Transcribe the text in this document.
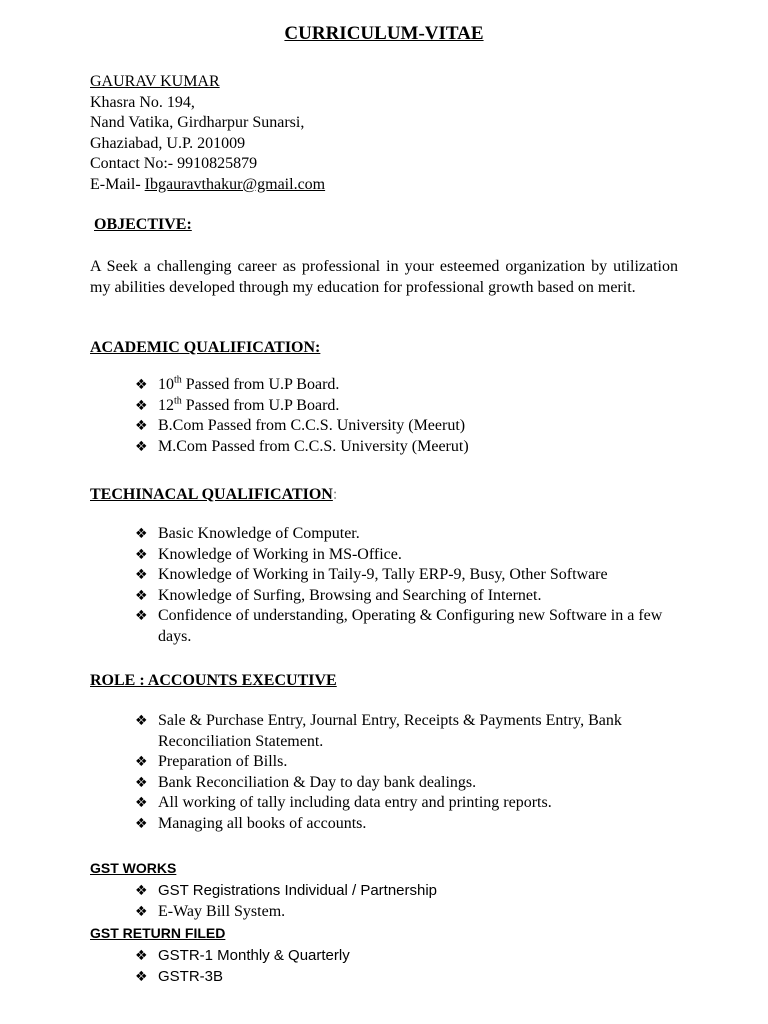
CURRICULUM-VITAE
GAURAV KUMAR
Khasra No. 194,
Nand Vatika, Girdharpur Sunarsi,
Ghaziabad, U.P. 201009
Contact No:- 9910825879
E-Mail- Ibgauravthakur@gmail.com
OBJECTIVE:
A Seek a challenging career as professional in your esteemed organization by utilization my abilities developed through my education for professional growth based on merit.
ACADEMIC QUALIFICATION:
❖ 10th Passed from U.P Board.
❖ 12th Passed from U.P Board.
❖ B.Com Passed from C.C.S. University (Meerut)
❖ M.Com Passed from C.C.S. University (Meerut)
TECHINACAL QUALIFICATION:
❖ Basic Knowledge of Computer.
❖ Knowledge of Working in MS-Office.
❖ Knowledge of Working in Taily-9, Tally ERP-9, Busy, Other Software
❖ Knowledge of Surfing, Browsing and Searching of Internet.
❖ Confidence of understanding, Operating & Configuring new Software in a few days.
ROLE : ACCOUNTS EXECUTIVE
❖ Sale & Purchase Entry, Journal Entry, Receipts & Payments Entry, Bank Reconciliation Statement.
❖ Preparation of Bills.
❖ Bank Reconciliation & Day to day bank dealings.
❖ All working of tally including data entry and printing reports.
❖ Managing all books of accounts.
GST WORKS
❖ GST Registrations Individual / Partnership
❖ E-Way Bill System.
GST RETURN FILED
❖ GSTR-1 Monthly & Quarterly
❖ GSTR-3B
